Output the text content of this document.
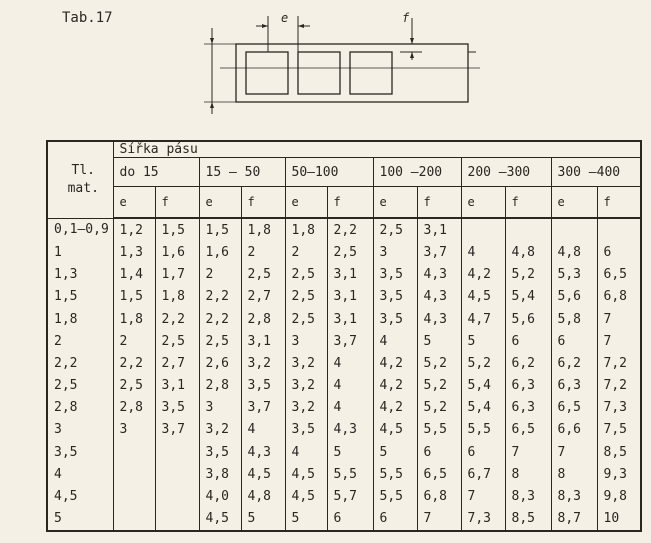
Tab.17	e	f
Tl.
mat.	Šířka pásu											
	do 15		15 – 50		50–100		100 –200		200 –300		300 –400	
	e	f	e	f	e	f	e	f	e	f	e	f
0,1–0,9	1,2	1,5	1,5	1,8	1,8	2,2	2,5	3,1				
1	1,3	1,6	1,6	2	2	2,5	3	3,7	4	4,8	4,8	6
1,3	1,4	1,7	2	2,5	2,5	3,1	3,5	4,3	4,2	5,2	5,3	6,5
1,5	1,5	1,8	2,2	2,7	2,5	3,1	3,5	4,3	4,5	5,4	5,6	6,8
1,8	1,8	2,2	2,2	2,8	2,5	3,1	3,5	4,3	4,7	5,6	5,8	7
2	2	2,5	2,5	3,1	3	3,7	4	5	5	6	6	7
2,2	2,2	2,7	2,6	3,2	3,2	4	4,2	5,2	5,2	6,2	6,2	7,2
2,5	2,5	3,1	2,8	3,5	3,2	4	4,2	5,2	5,4	6,3	6,3	7,2
2,8	2,8	3,5	3	3,7	3,2	4	4,2	5,2	5,4	6,3	6,5	7,3
3	3	3,7	3,2	4	3,5	4,3	4,5	5,5	5,5	6,5	6,6	7,5
3,5			3,5	4,3	4	5	5	6	6	7	7	8,5
4			3,8	4,5	4,5	5,5	5,5	6,5	6,7	8	8	9,3
4,5			4,0	4,8	4,5	5,7	5,5	6,8	7	8,3	8,3	9,8
5			4,5	5	5	6	6	7	7,3	8,5	8,7	10
